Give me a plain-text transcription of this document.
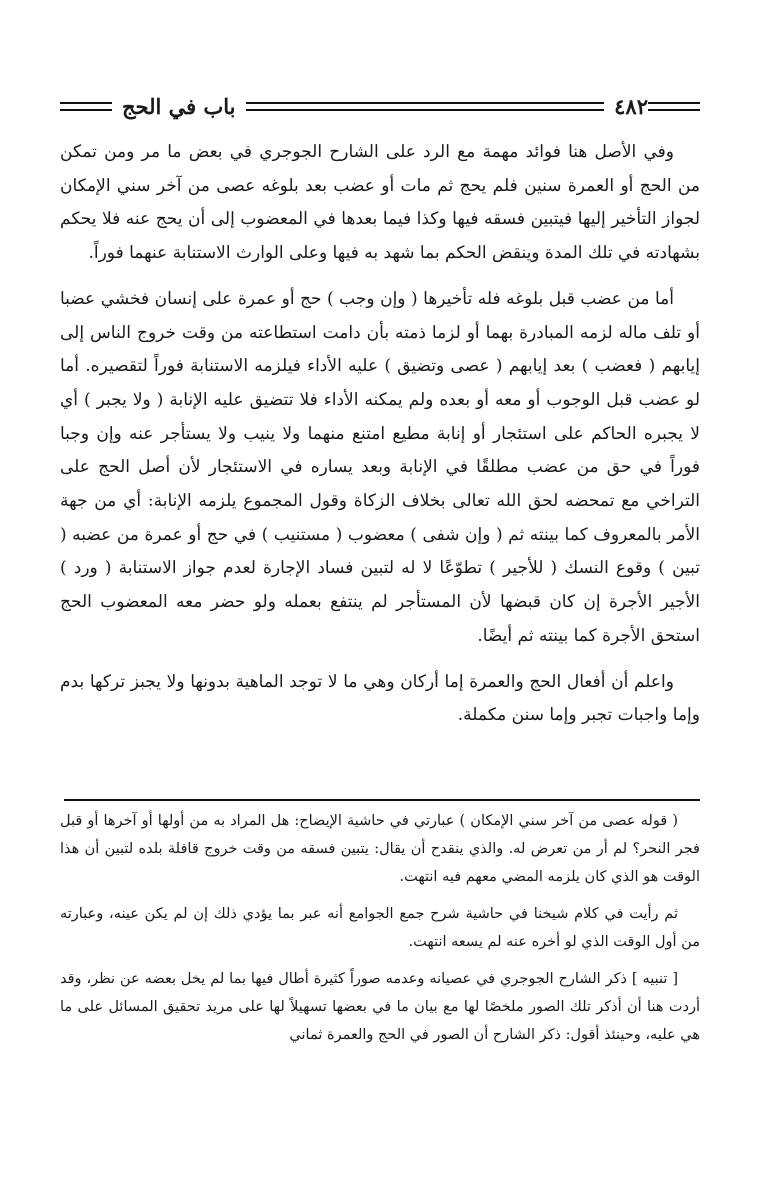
٤٨٢
باب في الحج

وفي الأصل هنا فوائد مهمة مع الرد على الشارح الجوجري في بعض ما مر ومن تمكن من الحج أو العمرة سنين فلم يحج ثم مات أو عضب بعد بلوغه عصى من آخر سني الإمكان لجواز التأخير إليها فيتبين فسقه فيها وكذا فيما بعدها في المعضوب إلى أن يحج عنه فلا يحكم بشهادته في تلك المدة وينقض الحكم بما شهد به فيها وعلى الوارث الاستنابة عنهما فوراً.

أما من عضب قبل بلوغه فله تأخيرها ( وإن وجب ) حج أو عمرة على إنسان فخشي عضبا أو تلف ماله لزمه المبادرة بهما أو لزما ذمته بأن دامت استطاعته من وقت خروج الناس إلى إيابهم ( فعضب ) بعد إيابهم ( عصى وتضيق ) عليه الأداء فيلزمه الاستنابة فوراً لتقصيره. أما لو عضب قبل الوجوب أو معه أو بعده ولم يمكنه الأداء فلا تتضيق عليه الإنابة ( ولا يجبر ) أي لا يجبره الحاكم على استئجار أو إنابة مطيع امتنع منهما ولا ينيب ولا يستأجر عنه وإن وجبا فوراً في حق من عضب مطلقًا في الإنابة وبعد يساره في الاستئجار لأن أصل الحج على التراخي مع تمحضه لحق الله تعالى بخلاف الزكاة وقول المجموع يلزمه الإنابة: أي من جهة الأمر بالمعروف كما بينته ثم ( وإن شفى ) معضوب ( مستنيب ) في حج أو عمرة من عضبه ( تبين ) وقوع النسك ( للأجير ) تطوّعًا لا له لتبين فساد الإجارة لعدم جواز الاستنابة ( ورد ) الأجير الأجرة إن كان قبضها لأن المستأجر لم ينتفع بعمله ولو حضر معه المعضوب الحج استحق الأجرة كما بينته ثم أيضًا.

واعلم أن أفعال الحج والعمرة إما أركان وهي ما لا توجد الماهية بدونها ولا يجبز تركها بدم وإما واجبات تجبر وإما سنن مكملة.

( قوله عصى من آخر سني الإمكان ) عبارتي في حاشية الإيضاح: هل المراد به من أولها أو آخرها أو قبل فجر النحر؟ لم أر من تعرض له. والذي ينقدح أن يقال: يتبين فسقه من وقت خروج قافلة بلده لتبين أن هذا الوقت هو الذي كان يلزمه المضي معهم فيه انتهت.

ثم رأيت في كلام شيخنا في حاشية شرح جمع الجوامع أنه عبر بما يؤدي ذلك إن لم يكن عينه، وعبارته من أول الوقت الذي لو أخره عنه لم يسعه انتهت.

[ تنبيه ] ذكر الشارح الجوجري في عصيانه وعدمه صوراً كثيرة أطال فيها بما لم يخل بعضه عن نظر، وقد أردت هنا أن أذكر تلك الصور ملخصًا لها مع بيان ما في بعضها تسهيلاً لها على مريد تحقيق المسائل على ما هي عليه، وحينئذ أقول: ذكر الشارح أن الصور في الحج والعمرة ثماني
